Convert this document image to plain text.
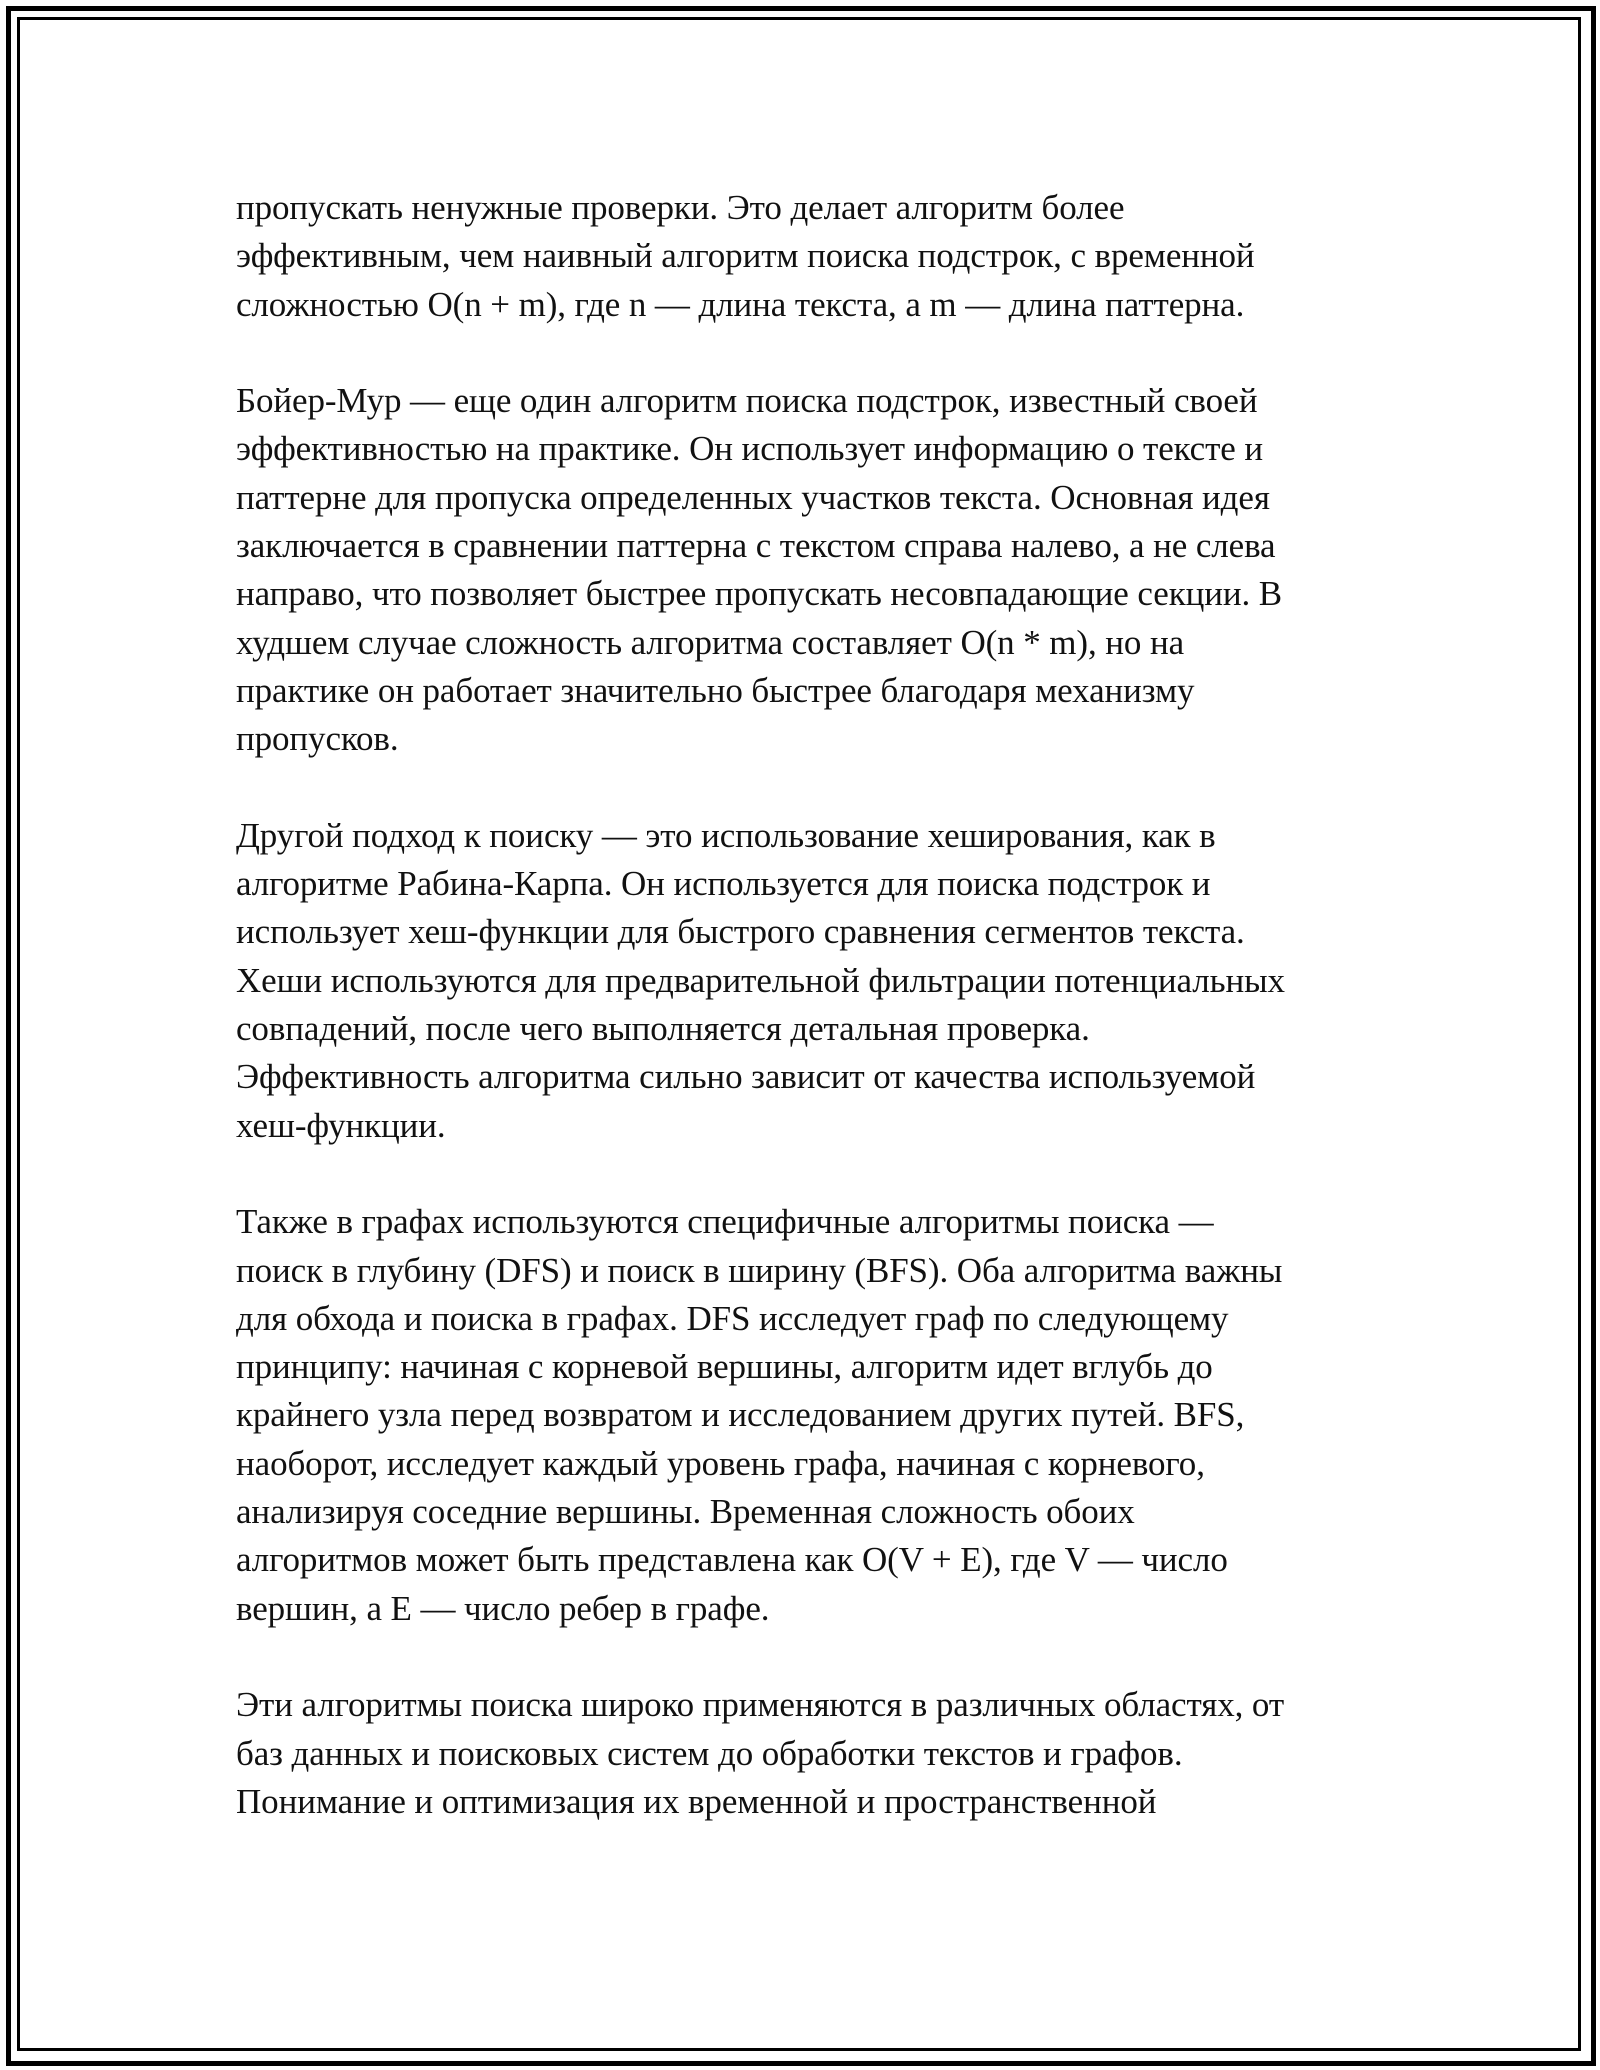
пропускать ненужные проверки. Это делает алгоритм более
эффективным, чем наивный алгоритм поиска подстрок, с временной
сложностью O(n + m), где n — длина текста, а m — длина паттерна.

Бойер-Мур — еще один алгоритм поиска подстрок, известный своей
эффективностью на практике. Он использует информацию о тексте и
паттерне для пропуска определенных участков текста. Основная идея
заключается в сравнении паттерна с текстом справа налево, а не слева
направо, что позволяет быстрее пропускать несовпадающие секции. В
худшем случае сложность алгоритма составляет O(n * m), но на
практике он работает значительно быстрее благодаря механизму
пропусков.

Другой подход к поиску — это использование хеширования, как в
алгоритме Рабина-Карпа. Он используется для поиска подстрок и
использует хеш-функции для быстрого сравнения сегментов текста.
Хеши используются для предварительной фильтрации потенциальных
совпадений, после чего выполняется детальная проверка.
Эффективность алгоритма сильно зависит от качества используемой
хеш-функции.

Также в графах используются специфичные алгоритмы поиска —
поиск в глубину (DFS) и поиск в ширину (BFS). Оба алгоритма важны
для обхода и поиска в графах. DFS исследует граф по следующему
принципу: начиная с корневой вершины, алгоритм идет вглубь до
крайнего узла перед возвратом и исследованием других путей. BFS,
наоборот, исследует каждый уровень графа, начиная с корневого,
анализируя соседние вершины. Временная сложность обоих
алгоритмов может быть представлена как O(V + E), где V — число
вершин, а E — число ребер в графе.

Эти алгоритмы поиска широко применяются в различных областях, от
баз данных и поисковых систем до обработки текстов и графов.
Понимание и оптимизация их временной и пространственной
